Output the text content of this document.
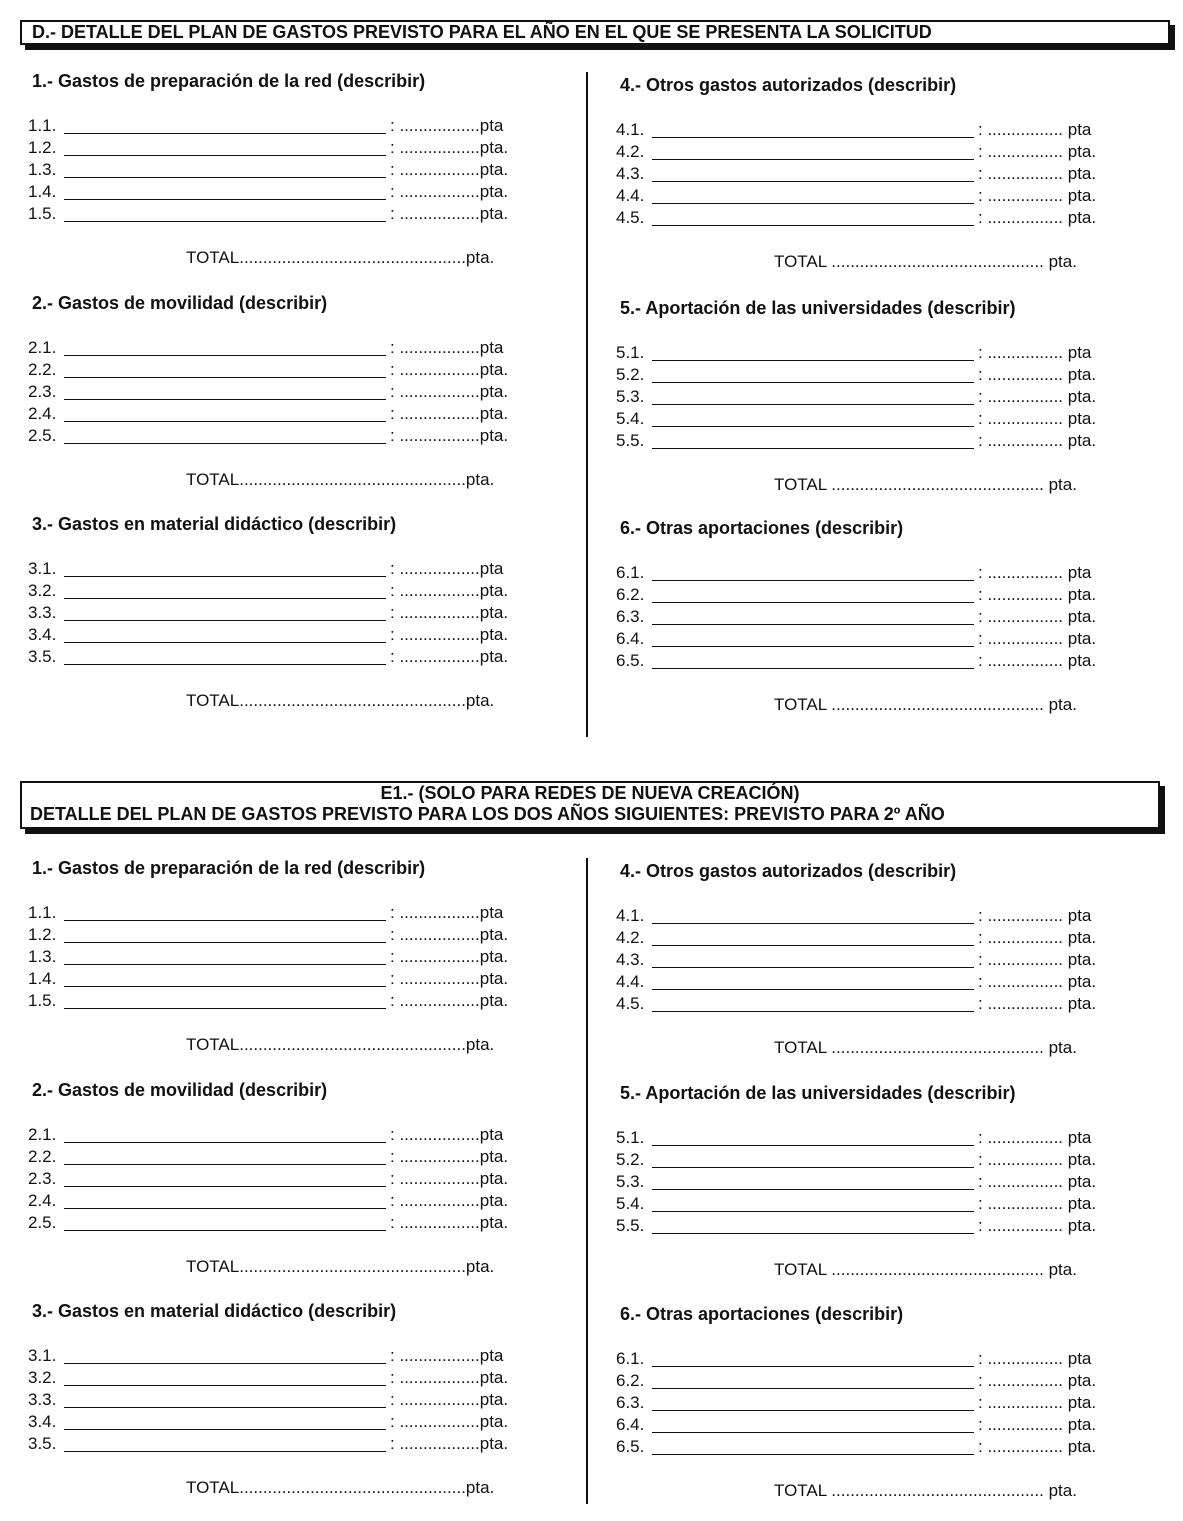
D.- DETALLE DEL PLAN DE GASTOS PREVISTO PARA EL AÑO EN EL QUE SE PRESENTA LA SOLICITUD
E1.- (SOLO PARA REDES DE NUEVA CREACIÓN)
DETALLE DEL PLAN DE GASTOS PREVISTO PARA LOS DOS AÑOS SIGUIENTES: PREVISTO PARA 2º AÑO
1.- Gastos de preparación de la red (describir)
1.1.	: .................pta
1.2.	: .................pta.
1.3.	: .................pta.
1.4.	: .................pta.
1.5.	: .................pta.
TOTAL................................................pta.
2.- Gastos de movilidad (describir)
2.1.	: .................pta
2.2.	: .................pta.
2.3.	: .................pta.
2.4.	: .................pta.
2.5.	: .................pta.
TOTAL................................................pta.
3.- Gastos en material didáctico (describir)
3.1.	: .................pta
3.2.	: .................pta.
3.3.	: .................pta.
3.4.	: .................pta.
3.5.	: .................pta.
TOTAL................................................pta.
4.- Otros gastos autorizados (describir)
4.1.	: ................ pta
4.2.	: ................ pta.
4.3.	: ................ pta.
4.4.	: ................ pta.
4.5.	: ................ pta.
TOTAL ............................................. pta.
5.- Aportación de las universidades (describir)
5.1.	: ................ pta
5.2.	: ................ pta.
5.3.	: ................ pta.
5.4.	: ................ pta.
5.5.	: ................ pta.
TOTAL ............................................. pta.
6.- Otras aportaciones (describir)
6.1.	: ................ pta
6.2.	: ................ pta.
6.3.	: ................ pta.
6.4.	: ................ pta.
6.5.	: ................ pta.
TOTAL ............................................. pta.
1.- Gastos de preparación de la red (describir)
1.1.	: .................pta
1.2.	: .................pta.
1.3.	: .................pta.
1.4.	: .................pta.
1.5.	: .................pta.
TOTAL................................................pta.
2.- Gastos de movilidad (describir)
2.1.	: .................pta
2.2.	: .................pta.
2.3.	: .................pta.
2.4.	: .................pta.
2.5.	: .................pta.
TOTAL................................................pta.
3.- Gastos en material didáctico (describir)
3.1.	: .................pta
3.2.	: .................pta.
3.3.	: .................pta.
3.4.	: .................pta.
3.5.	: .................pta.
TOTAL................................................pta.
4.- Otros gastos autorizados (describir)
4.1.	: ................ pta
4.2.	: ................ pta.
4.3.	: ................ pta.
4.4.	: ................ pta.
4.5.	: ................ pta.
TOTAL ............................................. pta.
5.- Aportación de las universidades (describir)
5.1.	: ................ pta
5.2.	: ................ pta.
5.3.	: ................ pta.
5.4.	: ................ pta.
5.5.	: ................ pta.
TOTAL ............................................. pta.
6.- Otras aportaciones (describir)
6.1.	: ................ pta
6.2.	: ................ pta.
6.3.	: ................ pta.
6.4.	: ................ pta.
6.5.	: ................ pta.
TOTAL ............................................. pta.
